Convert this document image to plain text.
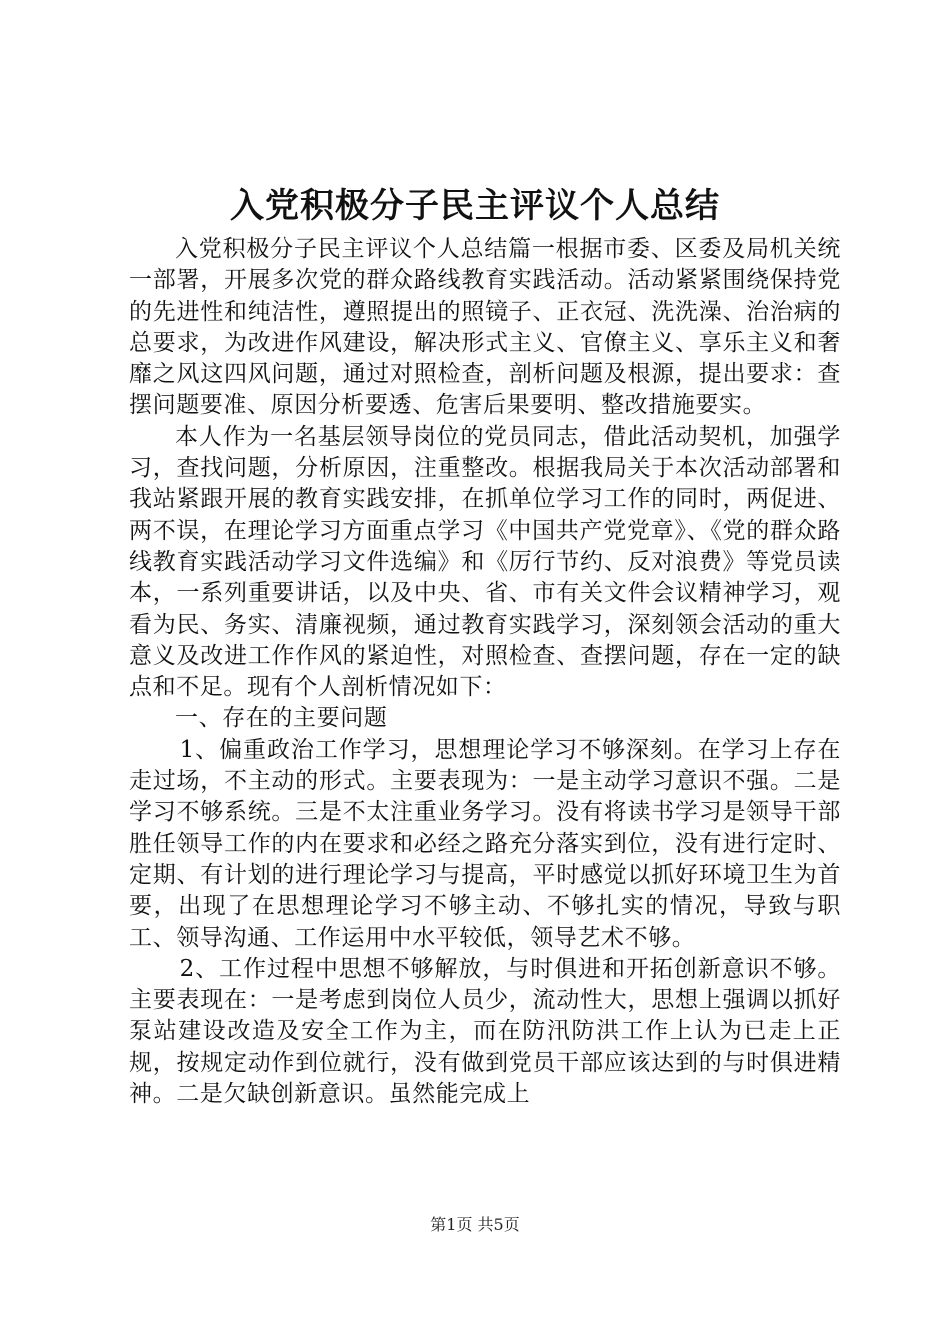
入党积极分子民主评议个人总结

入党积极分子民主评议个人总结篇一根据市委、区委及局机关统一部署，开展多次党的群众路线教育实践活动。活动紧紧围绕保持党的先进性和纯洁性，遵照提出的照镜子、正衣冠、洗洗澡、治治病的总要求，为改进作风建设，解决形式主义、官僚主义、享乐主义和奢靡之风这四风问题，通过对照检查，剖析问题及根源，提出要求：查摆问题要准、原因分析要透、危害后果要明、整改措施要实。

本人作为一名基层领导岗位的党员同志，借此活动契机，加强学习，查找问题，分析原因，注重整改。根据我局关于本次活动部署和我站紧跟开展的教育实践安排，在抓单位学习工作的同时，两促进、两不误，在理论学习方面重点学习《中国共产党党章》、《党的群众路线教育实践活动学习文件选编》和《厉行节约、反对浪费》等党员读本，一系列重要讲话，以及中央、省、市有关文件会议精神学习，观看为民、务实、清廉视频，通过教育实践学习，深刻领会活动的重大意义及改进工作作风的紧迫性，对照检查、查摆问题，存在一定的缺点和不足。现有个人剖析情况如下：

一、存在的主要问题

1、偏重政治工作学习，思想理论学习不够深刻。在学习上存在走过场，不主动的形式。主要表现为：一是主动学习意识不强。二是学习不够系统。三是不太注重业务学习。没有将读书学习是领导干部胜任领导工作的内在要求和必经之路充分落实到位，没有进行定时、定期、有计划的进行理论学习与提高，平时感觉以抓好环境卫生为首要，出现了在思想理论学习不够主动、不够扎实的情况，导致与职工、领导沟通、工作运用中水平较低，领导艺术不够。

2、工作过程中思想不够解放，与时俱进和开拓创新意识不够。主要表现在：一是考虑到岗位人员少，流动性大，思想上强调以抓好泵站建设改造及安全工作为主，而在防汛防洪工作上认为已走上正规，按规定动作到位就行，没有做到党员干部应该达到的与时俱进精神。二是欠缺创新意识。虽然能完成上

第1页 共5页
